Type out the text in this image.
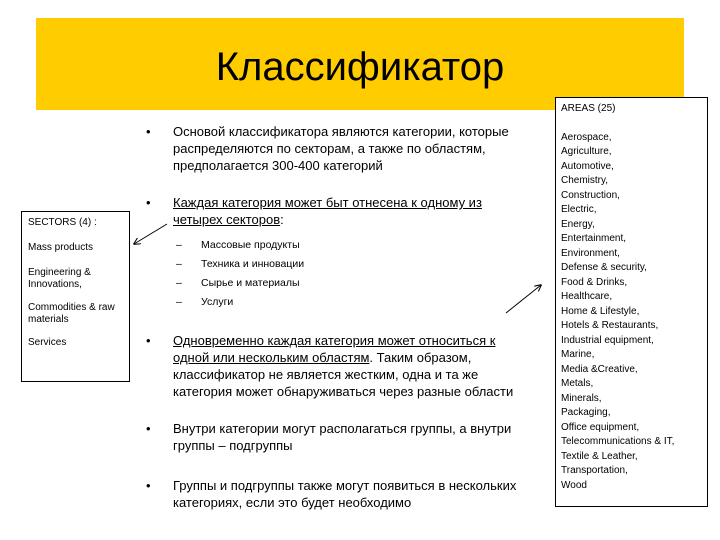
Классификатор
• Основой классификатора являются категории, которые распределяются по секторам, а также по областям, предполагается 300-400 категорий
• Каждая категория может быт отнесена к одному из четырех секторов:
– Массовые продукты
– Техника и инновации
– Сырье и материалы
– Услуги
• Одновременно каждая категория может относиться к одной или нескольким областям. Таким образом, классификатор не является жестким, одна и та же категория может обнаруживаться через разные области
• Внутри категории могут располагаться группы, а внутри группы – подгруппы
• Группы и подгруппы также могут появиться в нескольких категориях, если это будет необходимо
SECTORS (4) :
Mass products
Engineering & Innovations,
Commodities & raw materials
Services
AREAS (25)
Aerospace,
Agriculture,
Automotive,
Chemistry,
Construction,
Electric,
Energy,
Entertainment,
Environment,
Defense & security,
Food & Drinks,
Healthcare,
Home & Lifestyle,
Hotels & Restaurants,
Industrial equipment,
Marine,
Media &Creative,
Metals,
Minerals,
Packaging,
Office equipment,
Telecommunications & IT,
Textile & Leather,
Transportation,
Wood
